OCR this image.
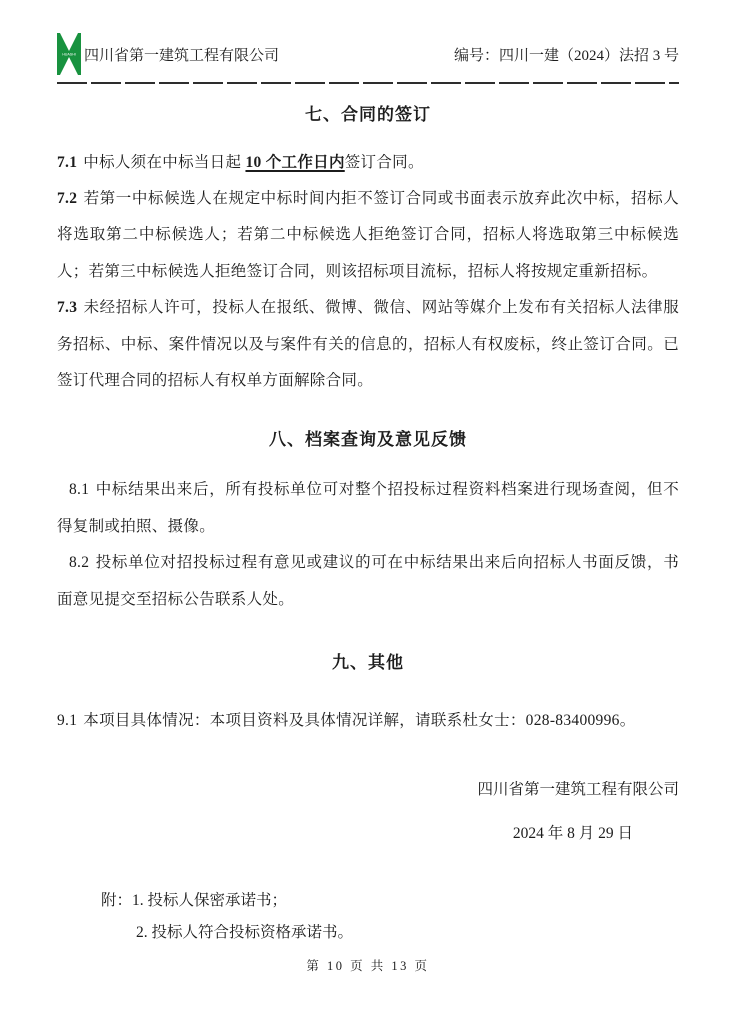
HUASHI 四川省第一建筑工程有限公司	编号：四川一建（2024）法招 3 号
七、合同的签订

7.1 中标人须在中标当日起 10 个工作日内签订合同。

7.2 若第一中标候选人在规定中标时间内拒不签订合同或书面表示放弃此次中标，招标人将选取第二中标候选人；若第二中标候选人拒绝签订合同，招标人将选取第三中标候选人；若第三中标候选人拒绝签订合同，则该招标项目流标，招标人将按规定重新招标。

7.3 未经招标人许可，投标人在报纸、微博、微信、网站等媒介上发布有关招标人法律服务招标、中标、案件情况以及与案件有关的信息的，招标人有权废标，终止签订合同。已签订代理合同的招标人有权单方面解除合同。

八、档案查询及意见反馈

8.1 中标结果出来后，所有投标单位可对整个招投标过程资料档案进行现场查阅，但不得复制或拍照、摄像。

8.2 投标单位对招投标过程有意见或建议的可在中标结果出来后向招标人书面反馈，书面意见提交至招标公告联系人处。

九、其他

9.1 本项目具体情况：本项目资料及具体情况详解，请联系杜女士：028-83400996。

四川省第一建筑工程有限公司
2024 年 8 月 29 日
附：1. 投标人保密承诺书；
2. 投标人符合投标资格承诺书。
第 10 页 共 13 页
